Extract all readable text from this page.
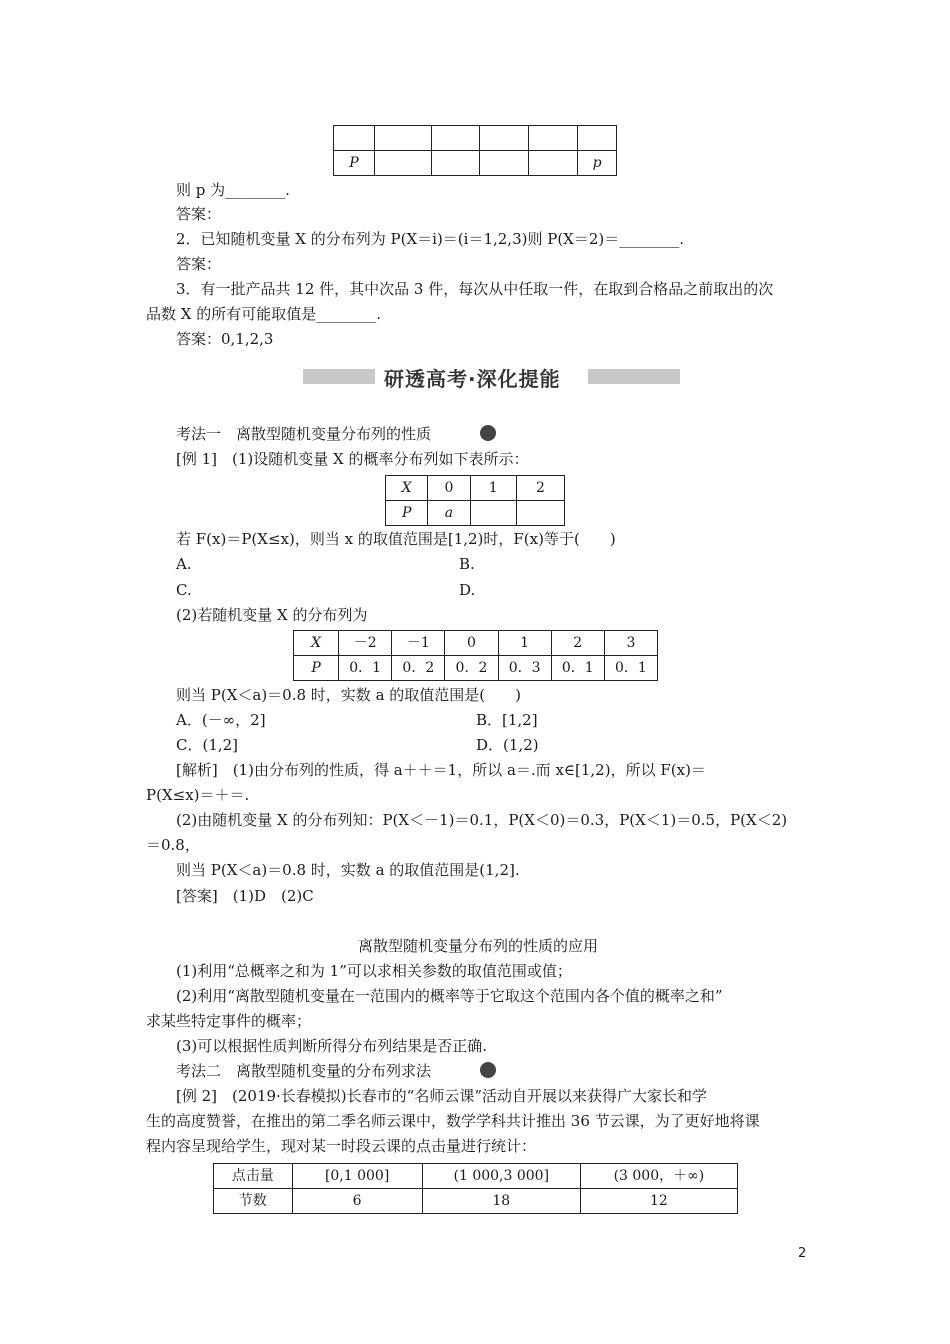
P					p
则 p 为________.
答案：
2．已知随机变量 X 的分布列为 P(X＝i)＝(i＝1,2,3)则 P(X＝2)＝________.
答案：
3．有一批产品共 12 件，其中次品 3 件，每次从中任取一件，在取到合格品之前取出的次
品数 X 的所有可能取值是________.
答案：0,1,2,3
研透高考·深化提能
考法一　离散型随机变量分布列的性质
[例 1]　(1)设随机变量 X 的概率分布列如下表所示：
X	0	1	2
P	a		
若 F(x)＝P(X≤x)，则当 x 的取值范围是[1,2)时，F(x)等于(　　)
A.	B.
C.	D.
(2)若随机变量 X 的分布列为
X	－2	－1	0	1	2	3
P	0．1	0．2	0．2	0．3	0．1	0．1
则当 P(X＜a)＝0.8 时，实数 a 的取值范围是(　　)
A．(－∞，2]	B．[1,2]
C．(1,2]	D．(1,2)
[解析]　(1)由分布列的性质，得 a＋＋＝1，所以 a＝.而 x∈[1,2)，所以 F(x)＝
P(X≤x)＝＋＝.
(2)由随机变量 X 的分布列知：P(X＜－1)＝0.1，P(X＜0)＝0.3，P(X＜1)＝0.5，P(X＜2)
＝0.8，
则当 P(X＜a)＝0.8 时，实数 a 的取值范围是(1,2].
[答案]　(1)D　(2)C
离散型随机变量分布列的性质的应用
(1)利用“总概率之和为 1”可以求相关参数的取值范围或值；
(2)利用“离散型随机变量在一范围内的概率等于它取这个范围内各个值的概率之和”
求某些特定事件的概率；
(3)可以根据性质判断所得分布列结果是否正确.
考法二　离散型随机变量的分布列求法
[例 2]　(2019·长春模拟)长春市的“名师云课”活动自开展以来获得广大家长和学
生的高度赞誉，在推出的第二季名师云课中，数学学科共计推出 36 节云课，为了更好地将课
程内容呈现给学生，现对某一时段云课的点击量进行统计：
点击量	[0,1 000]	(1 000,3 000]	(3 000，＋∞)
节数	6	18	12
2
